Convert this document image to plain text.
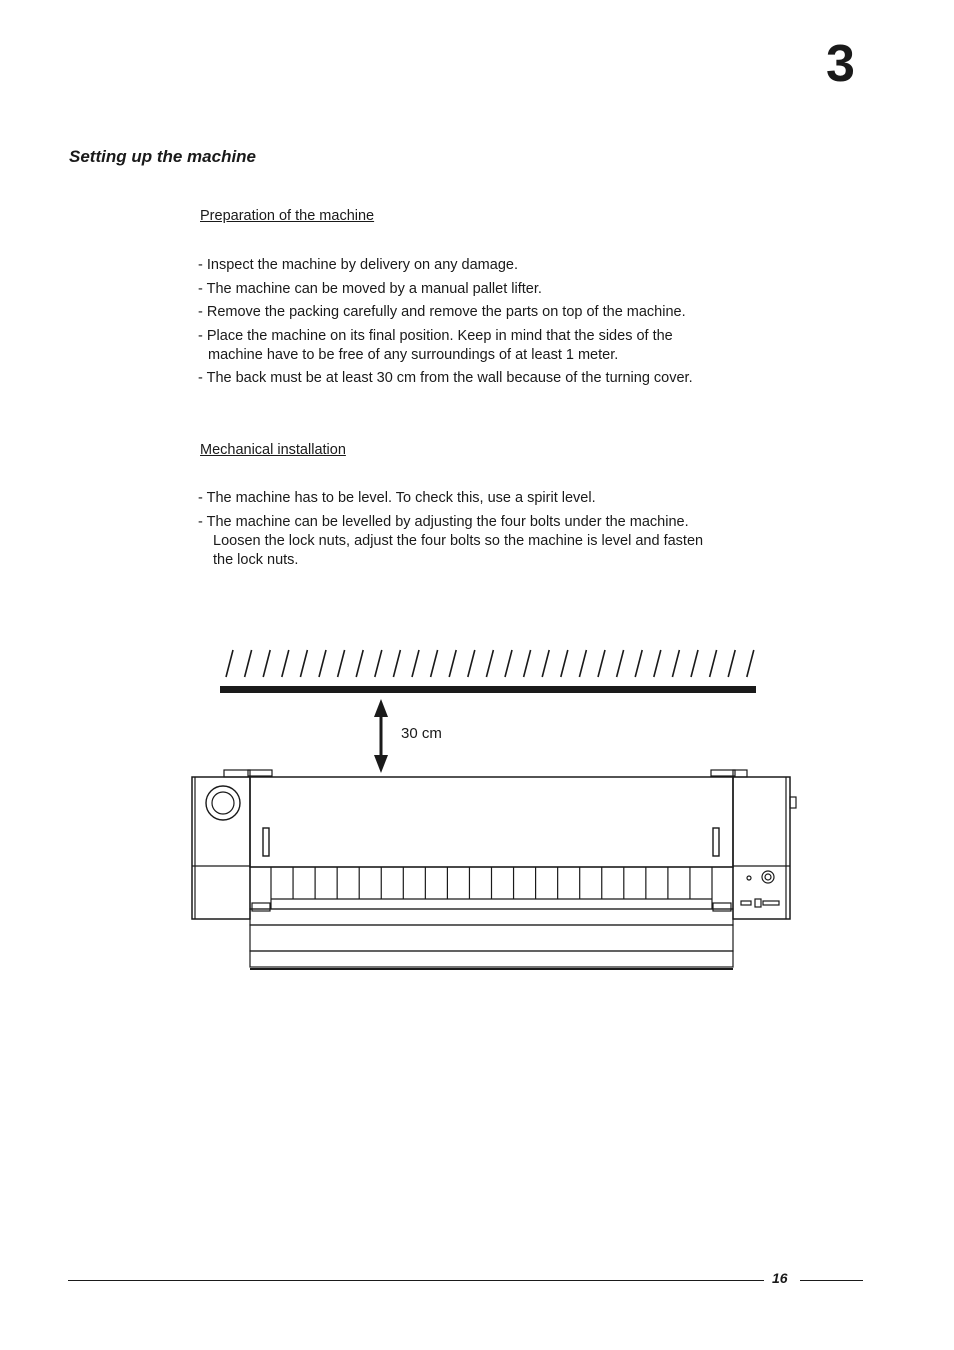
3
Setting up the machine
Preparation of the machine
- Inspect the machine by delivery on any damage.
- The machine can be moved by a manual pallet lifter.
- Remove the packing carefully and remove the parts on top of the machine.
- Place the machine on its final position. Keep in mind that the sides of the
machine have to be free of any surroundings of at least 1 meter.
- The back must be at least 30 cm from the wall because of the turning cover.
Mechanical installation
- The machine has to be level. To check this, use a spirit level.
- The machine can be levelled by adjusting the four bolts under the machine.
Loosen the lock nuts, adjust the four bolts so the machine is level and fasten
the lock nuts.
30 cm
16
